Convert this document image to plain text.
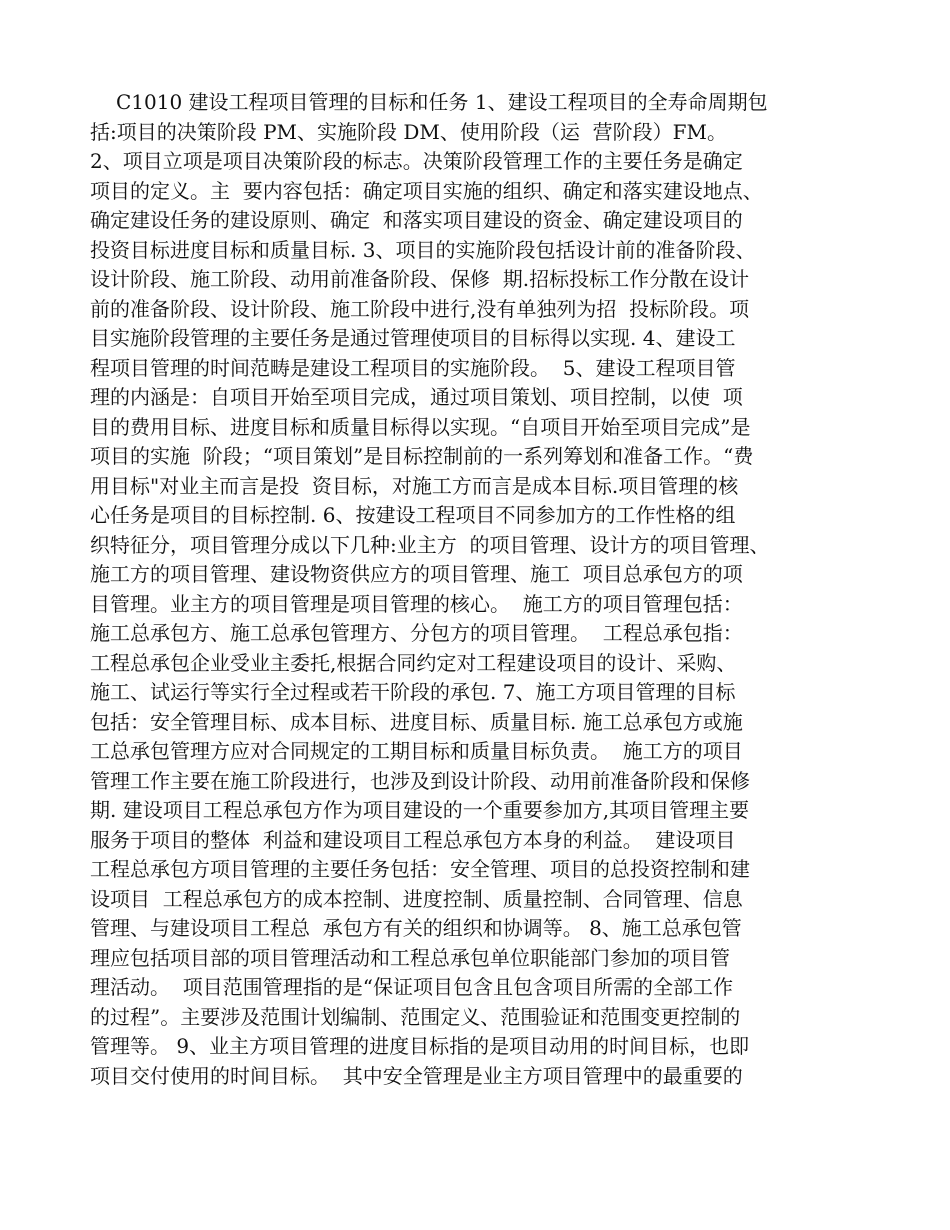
C1010 建设工程项目管理的目标和任务 1、建设工程项目的全寿命周期包
括:项目的决策阶段 PM、实施阶段 DM、使用阶段（运  营阶段）FM。
2、项目立项是项目决策阶段的标志。决策阶段管理工作的主要任务是确定
项目的定义。主  要内容包括：确定项目实施的组织、确定和落实建设地点、
确定建设任务的建设原则、确定  和落实项目建设的资金、确定建设项目的
投资目标进度目标和质量目标. 3、项目的实施阶段包括设计前的准备阶段、
设计阶段、施工阶段、动用前准备阶段、保修  期.招标投标工作分散在设计
前的准备阶段、设计阶段、施工阶段中进行,没有单独列为招  投标阶段。项
目实施阶段管理的主要任务是通过管理使项目的目标得以实现. 4、建设工
程项目管理的时间范畴是建设工程项目的实施阶段。  5、建设工程项目管
理的内涵是：自项目开始至项目完成，通过项目策划、项目控制，以使  项
目的费用目标、进度目标和质量目标得以实现。“自项目开始至项目完成”是
项目的实施  阶段；“项目策划”是目标控制前的一系列筹划和准备工作。“费
用目标"对业主而言是投  资目标，对施工方而言是成本目标.项目管理的核
心任务是项目的目标控制. 6、按建设工程项目不同参加方的工作性格的组
织特征分，项目管理分成以下几种:业主方  的项目管理、设计方的项目管理、
施工方的项目管理、建设物资供应方的项目管理、施工  项目总承包方的项
目管理。业主方的项目管理是项目管理的核心。  施工方的项目管理包括：
施工总承包方、施工总承包管理方、分包方的项目管理。  工程总承包指：
工程总承包企业受业主委托,根据合同约定对工程建设项目的设计、采购、
施工、试运行等实行全过程或若干阶段的承包. 7、施工方项目管理的目标
包括：安全管理目标、成本目标、进度目标、质量目标. 施工总承包方或施
工总承包管理方应对合同规定的工期目标和质量目标负责。  施工方的项目
管理工作主要在施工阶段进行，也涉及到设计阶段、动用前准备阶段和保修
期. 建设项目工程总承包方作为项目建设的一个重要参加方,其项目管理主要
服务于项目的整体  利益和建设项目工程总承包方本身的利益。  建设项目
工程总承包方项目管理的主要任务包括：安全管理、项目的总投资控制和建
设项目  工程总承包方的成本控制、进度控制、质量控制、合同管理、信息
管理、与建设项目工程总  承包方有关的组织和协调等。 8、施工总承包管
理应包括项目部的项目管理活动和工程总承包单位职能部门参加的项目管
理活动。  项目范围管理指的是“保证项目包含且包含项目所需的全部工作
的过程”。主要涉及范围计划编制、范围定义、范围验证和范围变更控制的
管理等。 9、业主方项目管理的进度目标指的是项目动用的时间目标，也即
项目交付使用的时间目标。  其中安全管理是业主方项目管理中的最重要的
